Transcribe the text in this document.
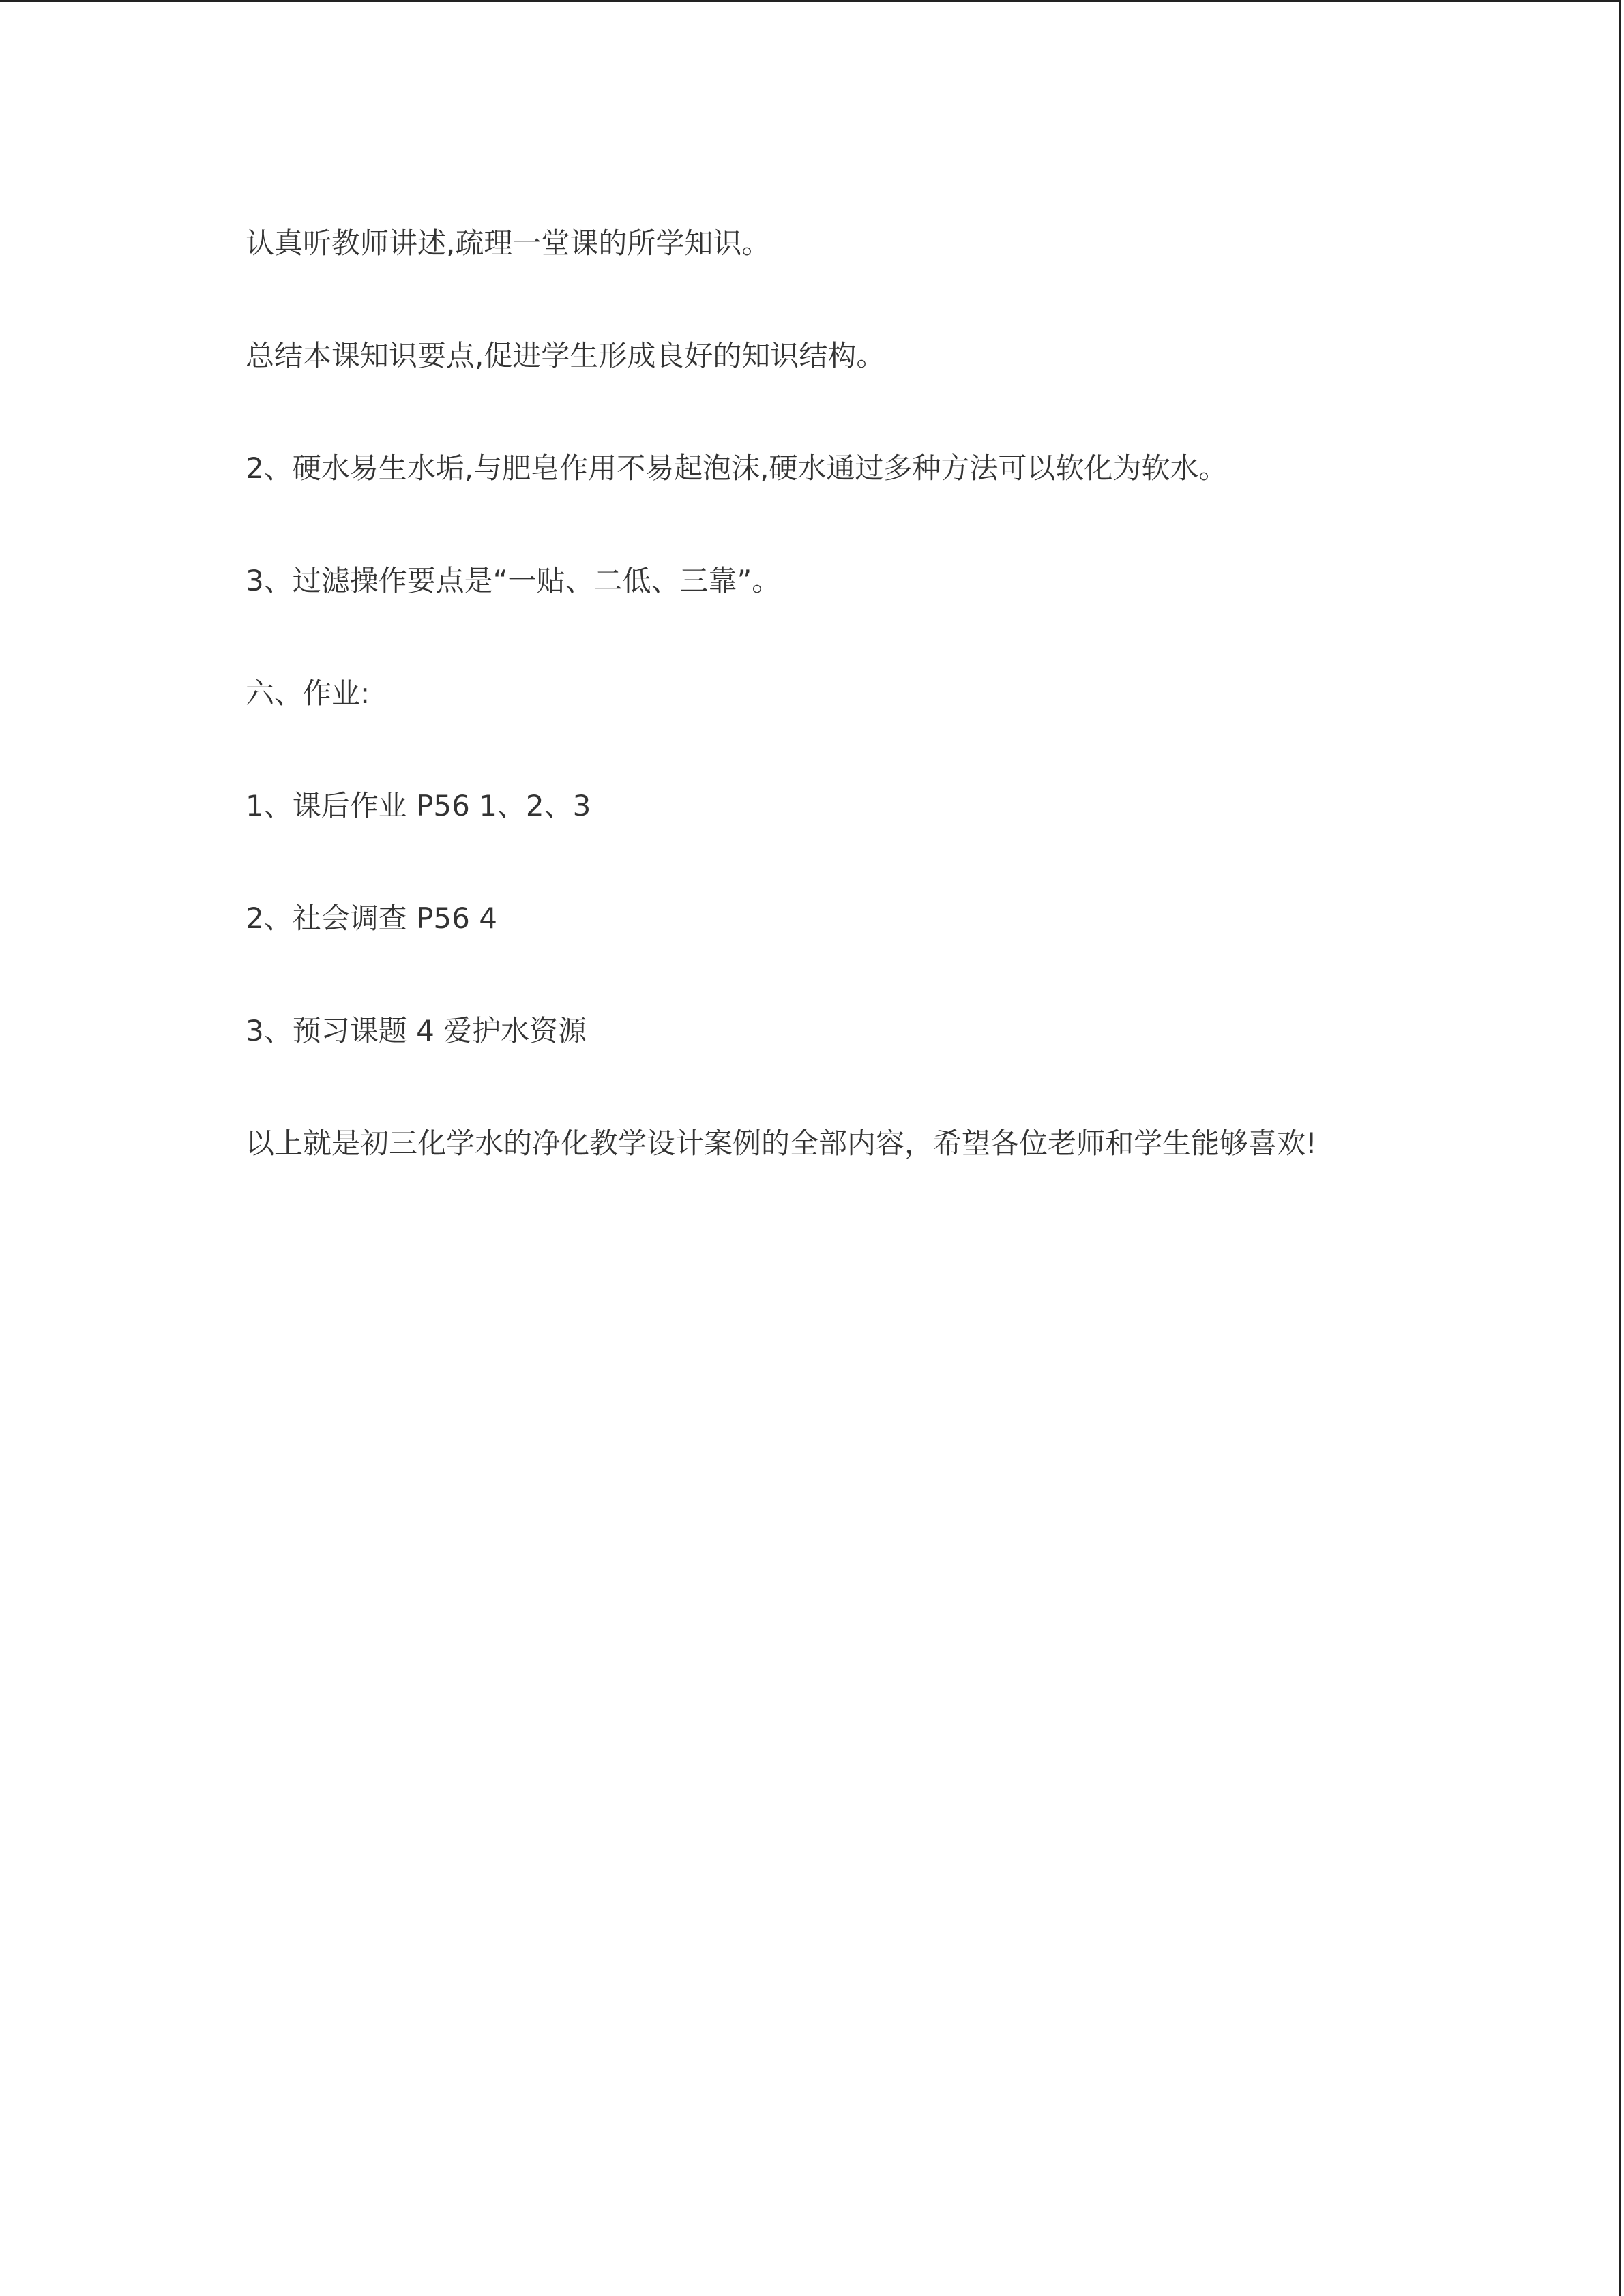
认真听教师讲述,疏理一堂课的所学知识。

总结本课知识要点,促进学生形成良好的知识结构。

2、硬水易生水垢,与肥皂作用不易起泡沫,硬水通过多种方法可以软化为软水。

3、过滤操作要点是“一贴、二低、三靠”。

六、作业:

1、课后作业 P56 1、2、3

2、社会调查 P56 4

3、预习课题 4 爱护水资源

以上就是初三化学水的净化教学设计案例的全部内容，希望各位老师和学生能够喜欢!
